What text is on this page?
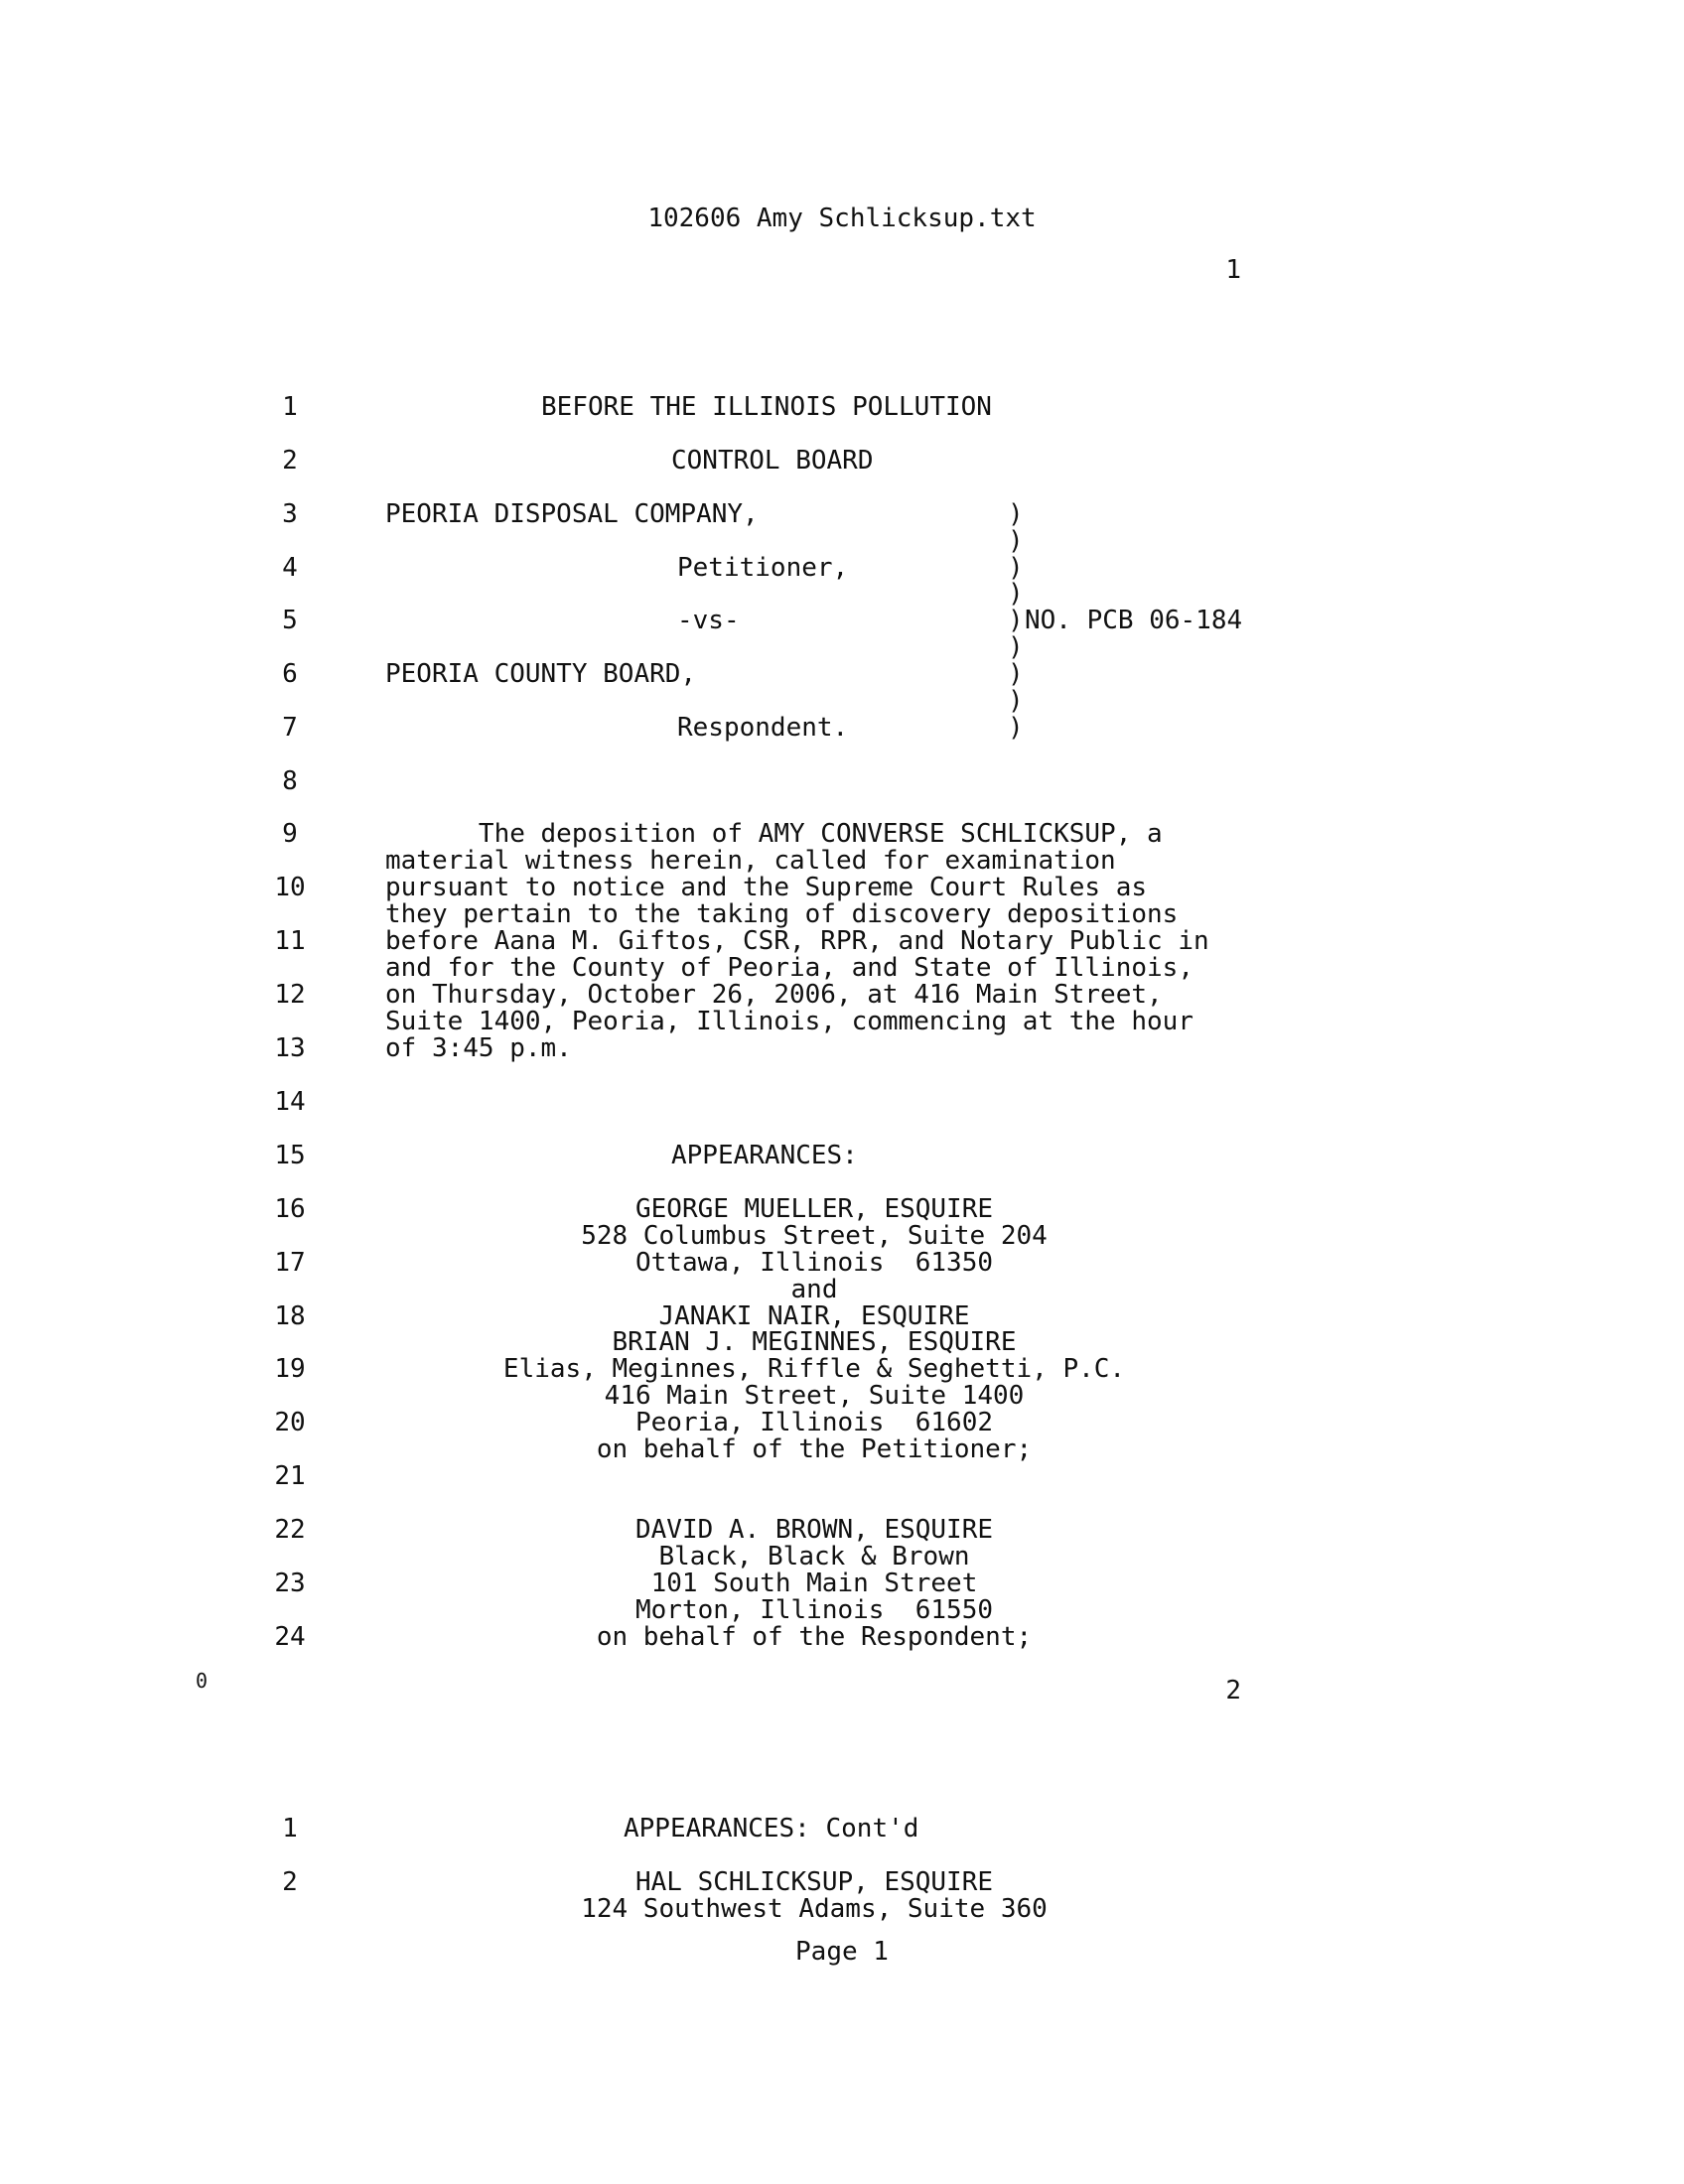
102606 Amy Schlicksup.txt
1
1
2
3
4
5
6
7
8
9
10
11
12
13
14
15
16
17
18
19
20
21
22
23
24
BEFORE THE ILLINOIS POLLUTION
CONTROL BOARD
PEORIA DISPOSAL COMPANY,
Petitioner,
-vs-
PEORIA COUNTY BOARD,
Respondent.
)
)
)
)
)
)
)
)
)
NO. PCB 06-184
The deposition of AMY CONVERSE SCHLICKSUP, a
material witness herein, called for examination
pursuant to notice and the Supreme Court Rules as
they pertain to the taking of discovery depositions
before Aana M. Giftos, CSR, RPR, and Notary Public in
and for the County of Peoria, and State of Illinois,
on Thursday, October 26, 2006, at 416 Main Street,
Suite 1400, Peoria, Illinois, commencing at the hour
of 3:45 p.m.
APPEARANCES:
GEORGE MUELLER, ESQUIRE
528 Columbus Street, Suite 204
Ottawa, Illinois  61350
and
JANAKI NAIR, ESQUIRE
BRIAN J. MEGINNES, ESQUIRE
Elias, Meginnes, Riffle & Seghetti, P.C.
416 Main Street, Suite 1400
Peoria, Illinois  61602
on behalf of the Petitioner;
DAVID A. BROWN, ESQUIRE
Black, Black & Brown
101 South Main Street
Morton, Illinois  61550
on behalf of the Respondent;
0	2
1
2
APPEARANCES: Cont'd
HAL SCHLICKSUP, ESQUIRE
124 Southwest Adams, Suite 360
Page 1
